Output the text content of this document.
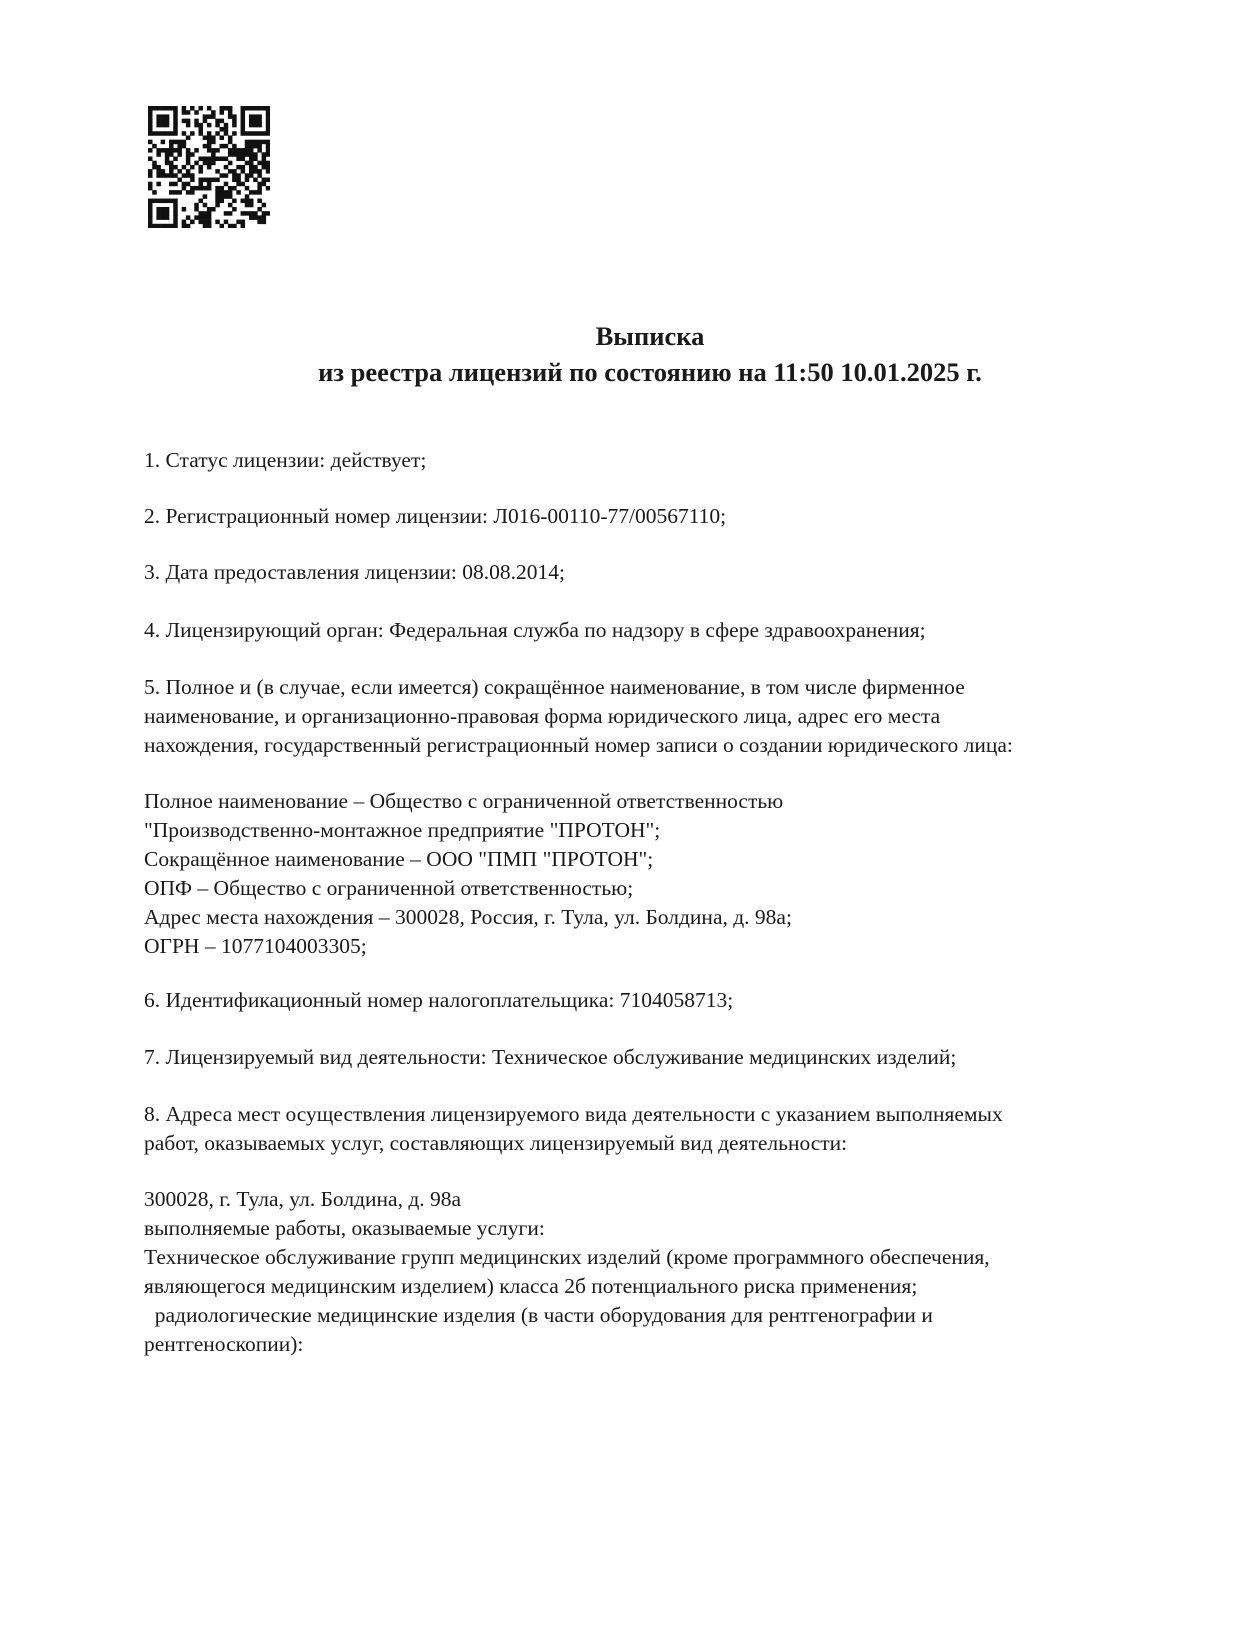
Выписка
из реестра лицензий по состоянию на 11:50 10.01.2025 г.
1. Статус лицензии: действует;
2. Регистрационный номер лицензии: Л016-00110-77/00567110;
3. Дата предоставления лицензии: 08.08.2014;
4. Лицензирующий орган: Федеральная служба по надзору в сфере здравоохранения;
5. Полное и (в случае, если имеется) сокращённое наименование, в том числе фирменное
наименование, и организационно-правовая форма юридического лица, адрес его места
нахождения, государственный регистрационный номер записи о создании юридического лица:
Полное наименование – Общество с ограниченной ответственностью
"Производственно-монтажное предприятие "ПРОТОН";
Сокращённое наименование – ООО "ПМП "ПРОТОН";
ОПФ – Общество с ограниченной ответственностью;
Адрес места нахождения – 300028, Россия, г. Тула, ул. Болдина, д. 98а;
ОГРН – 1077104003305;
6. Идентификационный номер налогоплательщика: 7104058713;
7. Лицензируемый вид деятельности: Техническое обслуживание медицинских изделий;
8. Адреса мест осуществления лицензируемого вида деятельности с указанием выполняемых
работ, оказываемых услуг, составляющих лицензируемый вид деятельности:
300028, г. Тула, ул. Болдина, д. 98а
выполняемые работы, оказываемые услуги:
Техническое обслуживание групп медицинских изделий (кроме программного обеспечения,
являющегося медицинским изделием) класса 2б потенциального риска применения;
радиологические медицинские изделия (в части оборудования для рентгенографии и
рентгеноскопии):
